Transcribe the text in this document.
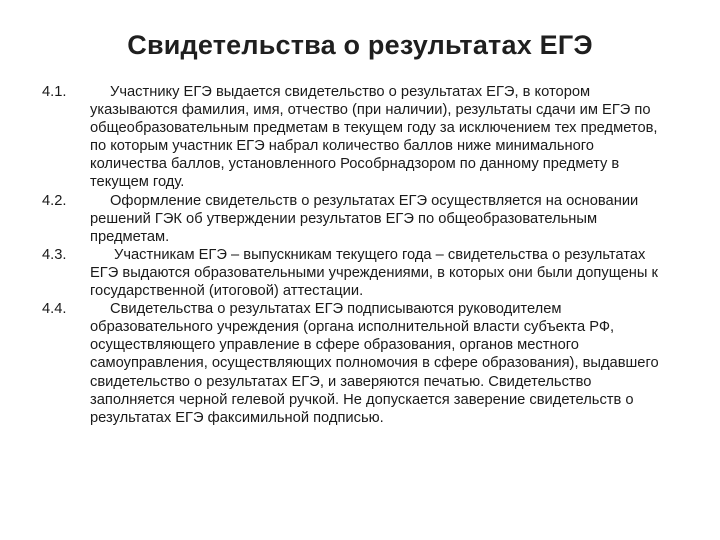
Свидетельства о результатах ЕГЭ
4.1.	Участнику ЕГЭ выдается свидетельство о результатах ЕГЭ, в котором указываются фамилия, имя, отчество (при наличии), результаты сдачи им ЕГЭ по общеобразовательным предметам в текущем году за исключением тех предметов, по которым участник ЕГЭ набрал количество баллов ниже минимального количества баллов, установленного Рособрнадзором по данному предмету в текущем году.
4.2.	Оформление свидетельств о результатах ЕГЭ осуществляется на основании решений ГЭК об утверждении результатов ЕГЭ по общеобразовательным предметам.
4.3.	Участникам ЕГЭ – выпускникам текущего года – свидетельства о результатах ЕГЭ выдаются образовательными учреждениями, в которых они были допущены к государственной (итоговой) аттестации.
4.4.	Свидетельства о результатах ЕГЭ подписываются руководителем образовательного учреждения (органа исполнительной власти субъекта РФ, осуществляющего управление в сфере образования, органов местного самоуправления, осуществляющих полномочия в сфере образования), выдавшего свидетельство о результатах ЕГЭ, и заверяются печатью. Свидетельство заполняется черной гелевой ручкой. Не допускается заверение свидетельств о результатах ЕГЭ факсимильной подписью.
